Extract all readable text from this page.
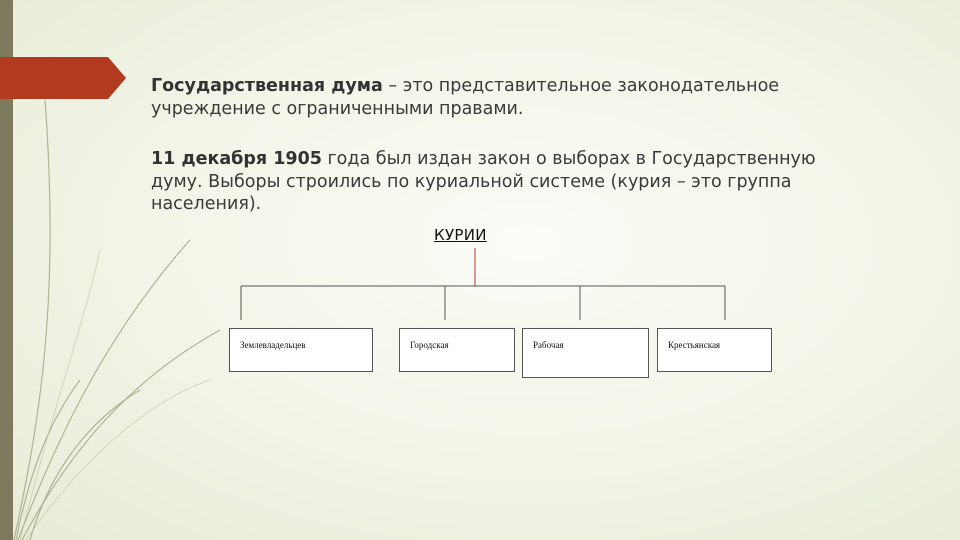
Государственная дума – это представительное законодательное учреждение с ограниченными правами.
11 декабря 1905 года был издан закон о выборах в Государственную думу. Выборы строились по куриальной системе (курия – это группа населения).
КУРИИ
Землевладельцев	Городская	Рабочая	Крестьянская
